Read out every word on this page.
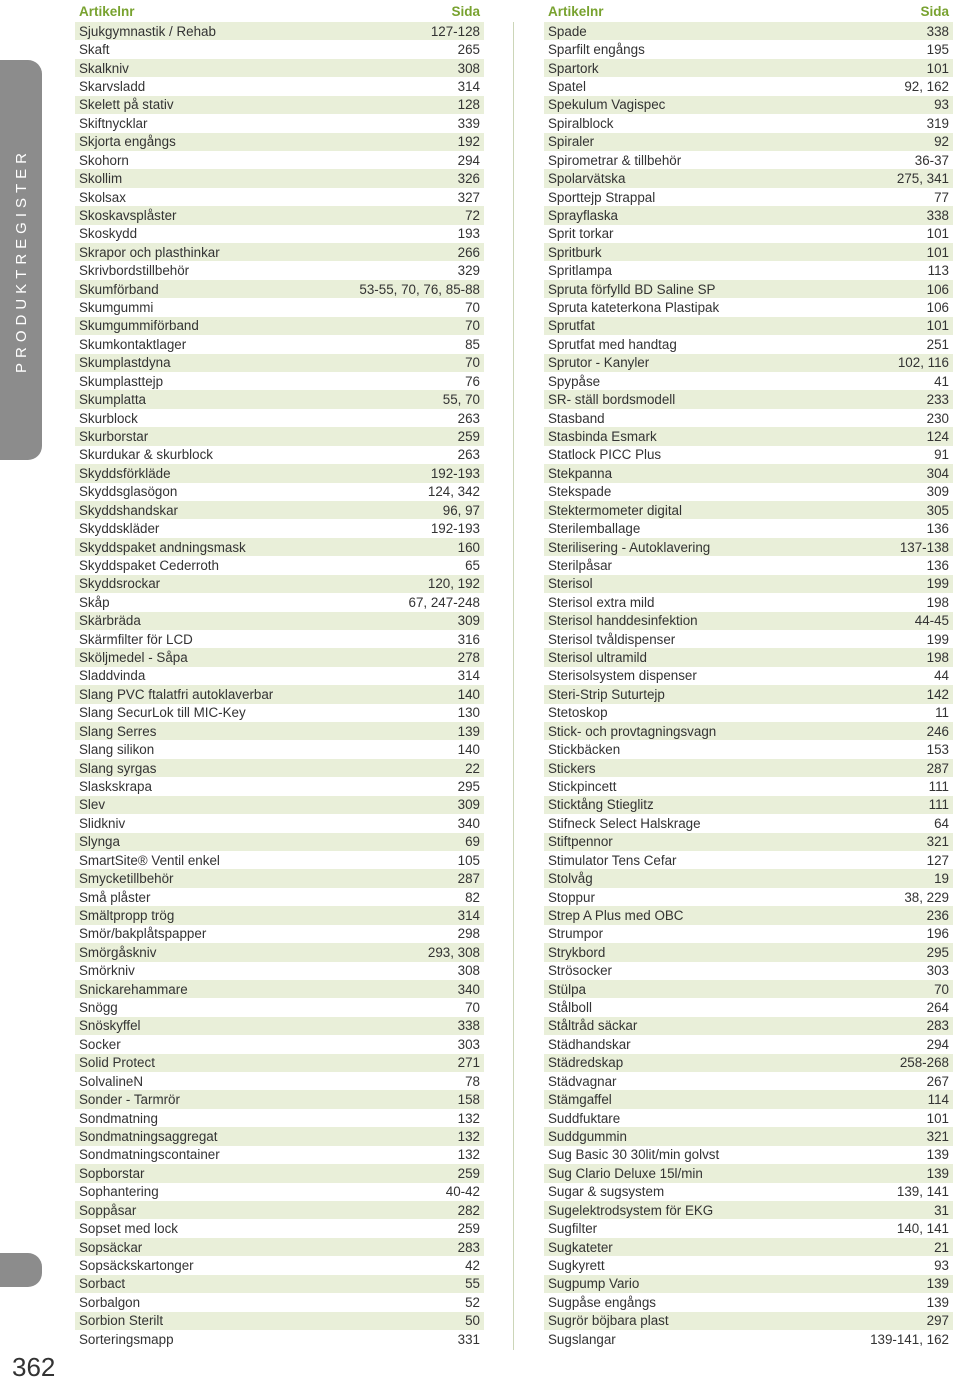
PRODUKTREGISTER
362
Artikelnr	Sida
Sjukgymnastik / Rehab	127-128
Skaft	265
Skalkniv	308
Skarvsladd	314
Skelett på stativ	128
Skiftnycklar	339
Skjorta engångs	192
Skohorn	294
Skollim	326
Skolsax	327
Skoskavsplåster	72
Skoskydd	193
Skrapor och plasthinkar	266
Skrivbordstillbehör	329
Skumförband	53-55, 70, 76, 85-88
Skumgummi	70
Skumgummiförband	70
Skumkontaktlager	85
Skumplastdyna	70
Skumplasttejp	76
Skumplatta	55, 70
Skurblock	263
Skurborstar	259
Skurdukar & skurblock	263
Skyddsförkläde	192-193
Skyddsglasögon	124, 342
Skyddshandskar	96, 97
Skyddskläder	192-193
Skyddspaket andningsmask	160
Skyddspaket Cederroth	65
Skyddsrockar	120, 192
Skåp	67, 247-248
Skärbräda	309
Skärmfilter för LCD	316
Sköljmedel - Såpa	278
Sladdvinda	314
Slang PVC ftalatfri autoklaverbar	140
Slang SecurLok till MIC-Key	130
Slang Serres	139
Slang silikon	140
Slang syrgas	22
Slaskskrapa	295
Slev	309
Slidkniv	340
Slynga	69
SmartSite® Ventil enkel	105
Smycketillbehör	287
Små plåster	82
Smältpropp trög	314
Smör/bakplåtspapper	298
Smörgåskniv	293, 308
Smörkniv	308
Snickarehammare	340
Snögg	70
Snöskyffel	338
Socker	303
Solid Protect	271
SolvalineN	78
Sonder - Tarmrör	158
Sondmatning	132
Sondmatningsaggregat	132
Sondmatningscontainer	132
Sopborstar	259
Sophantering	40-42
Soppåsar	282
Sopset med lock	259
Sopsäckar	283
Sopsäckskartonger	42
Sorbact	55
Sorbalgon	52
Sorbion Sterilt	50
Sorteringsmapp	331
Artikelnr	Sida
Spade	338
Sparfilt engångs	195
Spartork	101
Spatel	92, 162
Spekulum Vagispec	93
Spiralblock	319
Spiraler	92
Spirometrar & tillbehör	36-37
Spolarvätska	275, 341
Sporttejp Strappal	77
Sprayflaska	338
Sprit torkar	101
Spritburk	101
Spritlampa	113
Spruta förfylld BD Saline SP	106
Spruta kateterkona Plastipak	106
Sprutfat	101
Sprutfat med handtag	251
Sprutor - Kanyler	102, 116
Spypåse	41
SR- ställ bordsmodell	233
Stasband	230
Stasbinda Esmark	124
Statlock PICC Plus	91
Stekpanna	304
Stekspade	309
Stektermometer digital	305
Sterilemballage	136
Sterilisering - Autoklavering	137-138
Sterilpåsar	136
Sterisol	199
Sterisol extra mild	198
Sterisol handdesinfektion	44-45
Sterisol tvåldispenser	199
Sterisol ultramild	198
Sterisolsystem dispenser	44
Steri-Strip Suturtejp	142
Stetoskop	11
Stick- och provtagningsvagn	246
Stickbäcken	153
Stickers	287
Stickpincett	111
Sticktång Stieglitz	111
Stifneck Select Halskrage	64
Stiftpennor	321
Stimulator Tens Cefar	127
Stolvåg	19
Stoppur	38, 229
Strep A Plus med OBC	236
Strumpor	196
Strykbord	295
Strösocker	303
Stülpa	70
Stålboll	264
Ståltråd säckar	283
Städhandskar	294
Städredskap	258-268
Städvagnar	267
Stämgaffel	114
Suddfuktare	101
Suddgummin	321
Sug Basic 30 30lit/min golvst	139
Sug Clario Deluxe 15l/min	139
Sugar & sugsystem	139, 141
Sugelektrodsystem för EKG	31
Sugfilter	140, 141
Sugkateter	21
Sugkyrett	93
Sugpump Vario	139
Sugpåse engångs	139
Sugrör böjbara plast	297
Sugslangar	139-141, 162
